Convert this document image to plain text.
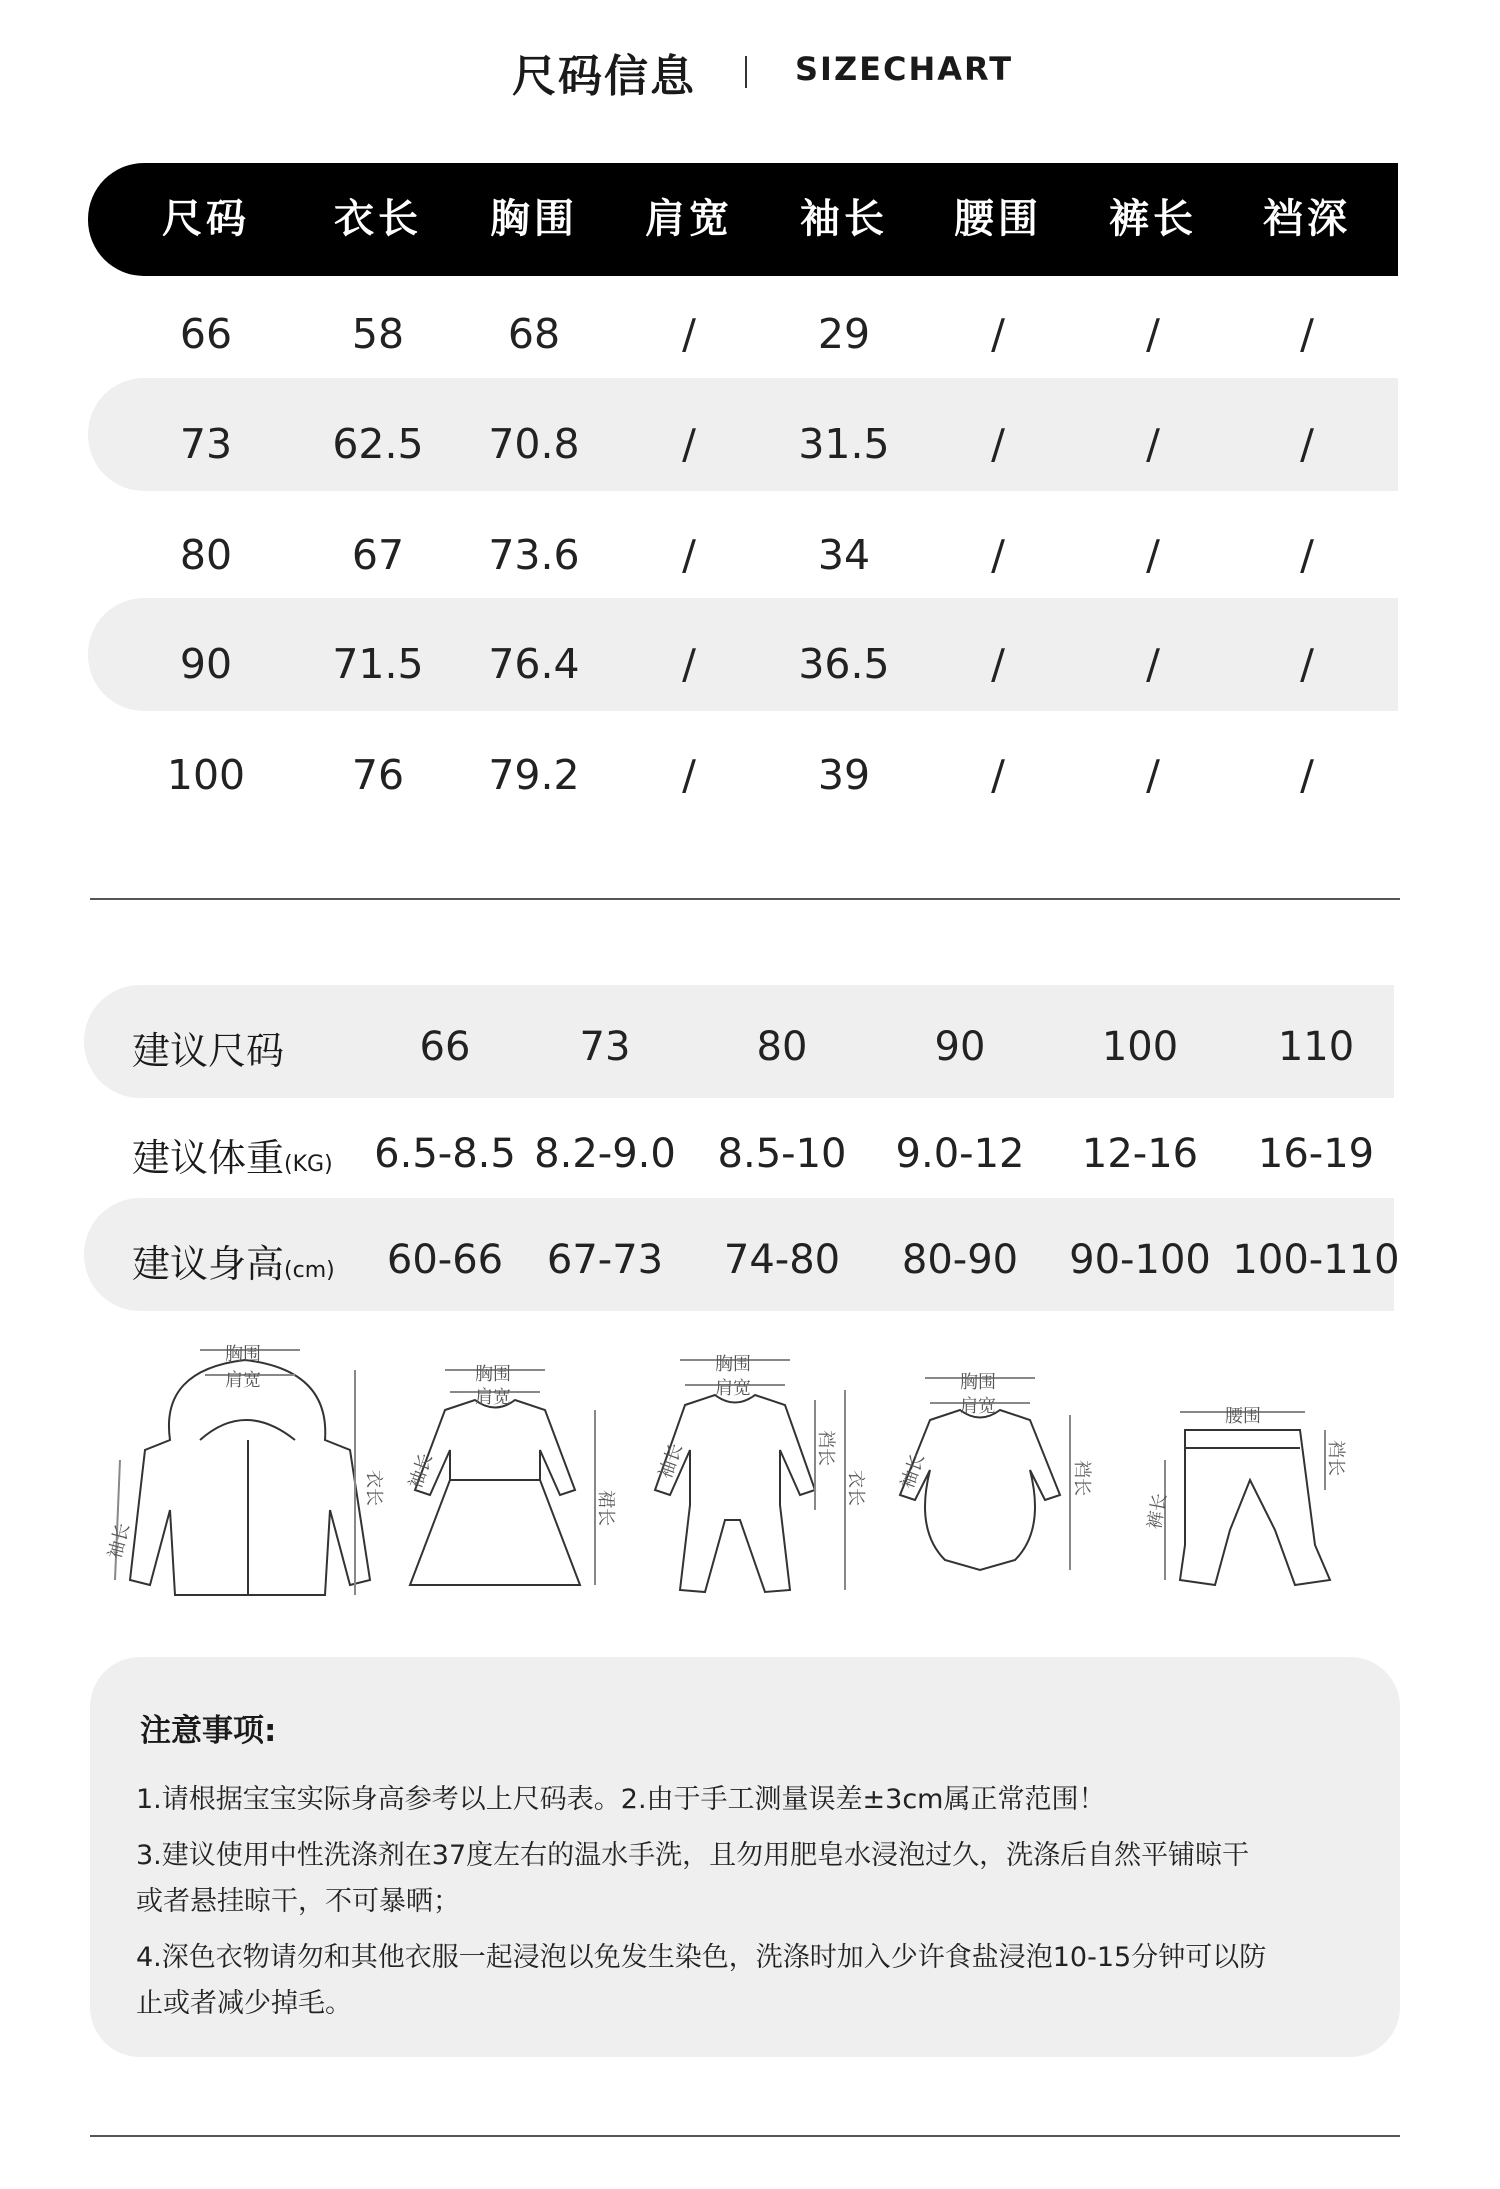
尺码信息	SIZECHART
尺码 衣长 胸围 肩宽 袖长 腰围 裤长 裆深
66	58	68	/	29	/	/	/
73 62.5 70.8 / 31.5 /	/	/
80	67 73.6 /	34	/	/	/
90 71.5 76.4 / 36.5 /	/	/
100	76 79.2 /	39	/	/	/
建议尺码	66	73	80	90	100 110
建议体重(KG) 6.5-8.5 8.2-9.0 8.5-10 9.0-12 12-16 16-19
建议身高(cm) 60-66 67-73 74-80 80-90 90-100 100-110
胸围
肩宽
衣长
袖长
胸围
肩宽
裙长
袖长
胸围
肩宽
裆长
衣长
袖长
胸围
肩宽
裆长
袖长
腰围
裆长
裤长
注意事项:
1.请根据宝宝实际身高参考以上尺码表。2.由于手工测量误差±3cm属正常范围！
3.建议使用中性洗涤剂在37度左右的温水手洗，且勿用肥皂水浸泡过久，洗涤后自然平铺晾干
或者悬挂晾干，不可暴晒；
4.深色衣物请勿和其他衣服一起浸泡以免发生染色，洗涤时加入少许食盐浸泡10-15分钟可以防
止或者减少掉毛。
